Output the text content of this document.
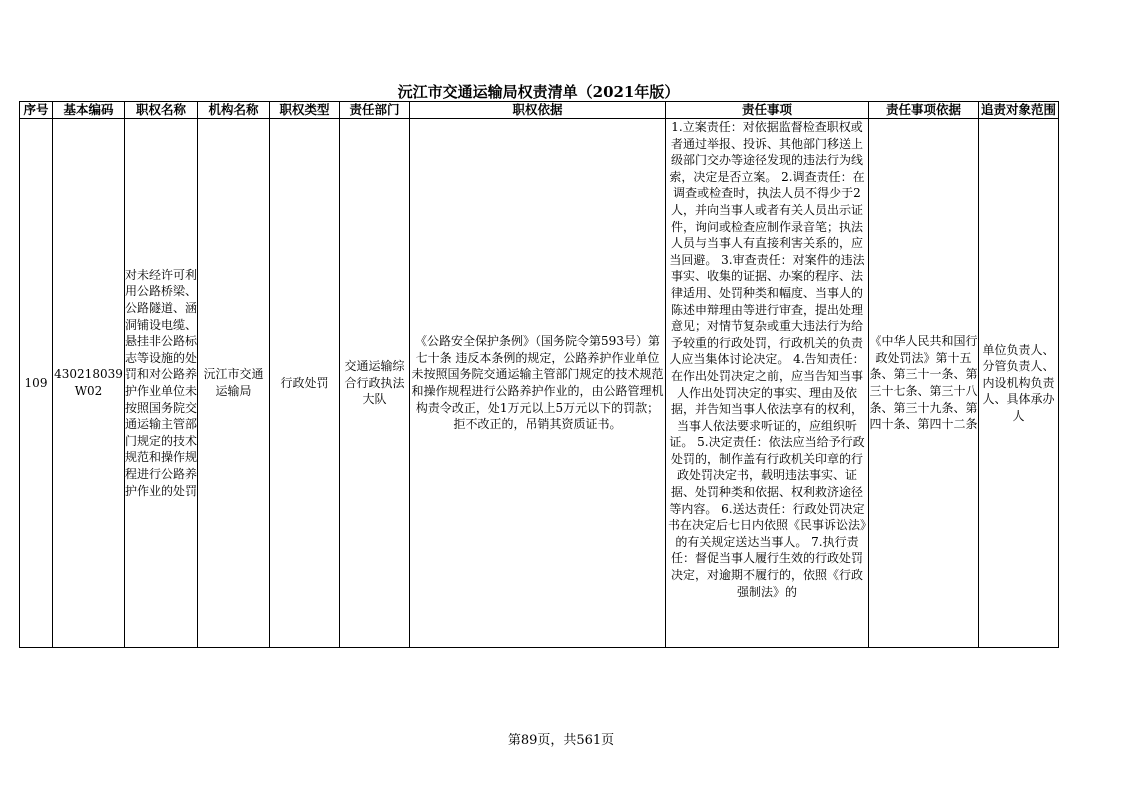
沅江市交通运输局权责清单（2021年版）
序号	基本编码	职权名称	机构名称	职权类型	责任部门	职权依据	责任事项	责任事项依据	追责对象范围
109	430218039W02	对未经许可利用公路桥梁、公路隧道、涵洞铺设电缆、悬挂非公路标志等设施的处罚和对公路养护作业单位未按照国务院交通运输主管部门规定的技术规范和操作规程进行公路养护作业的处罚	沅江市交通运输局	行政处罚	交通运输综合行政执法大队	《公路安全保护条例》（国务院令第593号）第七十条 违反本条例的规定，公路养护作业单位未按照国务院交通运输主管部门规定的技术规范和操作规程进行公路养护作业的，由公路管理机构责令改正，处1万元以上5万元以下的罚款；拒不改正的，吊销其资质证书。	1.立案责任：对依据监督检查职权或者通过举报、投诉、其他部门移送上级部门交办等途径发现的违法行为线索，决定是否立案。 2.调查责任：在调查或检查时，执法人员不得少于2人，并向当事人或者有关人员出示证件，询问或检查应制作录音笔；执法人员与当事人有直接利害关系的，应当回避。 3.审查责任：对案件的违法事实、收集的证据、办案的程序、法律适用、处罚种类和幅度、当事人的陈述申辩理由等进行审查，提出处理意见；对情节复杂或重大违法行为给予较重的行政处罚，行政机关的负责人应当集体讨论决定。 4.告知责任：在作出处罚决定之前，应当告知当事人作出处罚决定的事实、理由及依据，并告知当事人依法享有的权利，当事人依法要求听证的，应组织听证。 5.决定责任：依法应当给予行政处罚的，制作盖有行政机关印章的行政处罚决定书，载明违法事实、证据、处罚种类和依据、权利救济途径等内容。 6.送达责任：行政处罚决定书在决定后七日内依照《民事诉讼法》的有关规定送达当事人。 7.执行责任：督促当事人履行生效的行政处罚决定，对逾期不履行的，依照《行政强制法》的	《中华人民共和国行政处罚法》第十五条、第三十一条、第三十七条、第三十八条、第三十九条、第四十条、第四十二条	单位负责人、分管负责人、内设机构负责人、具体承办人
第89页，共561页
